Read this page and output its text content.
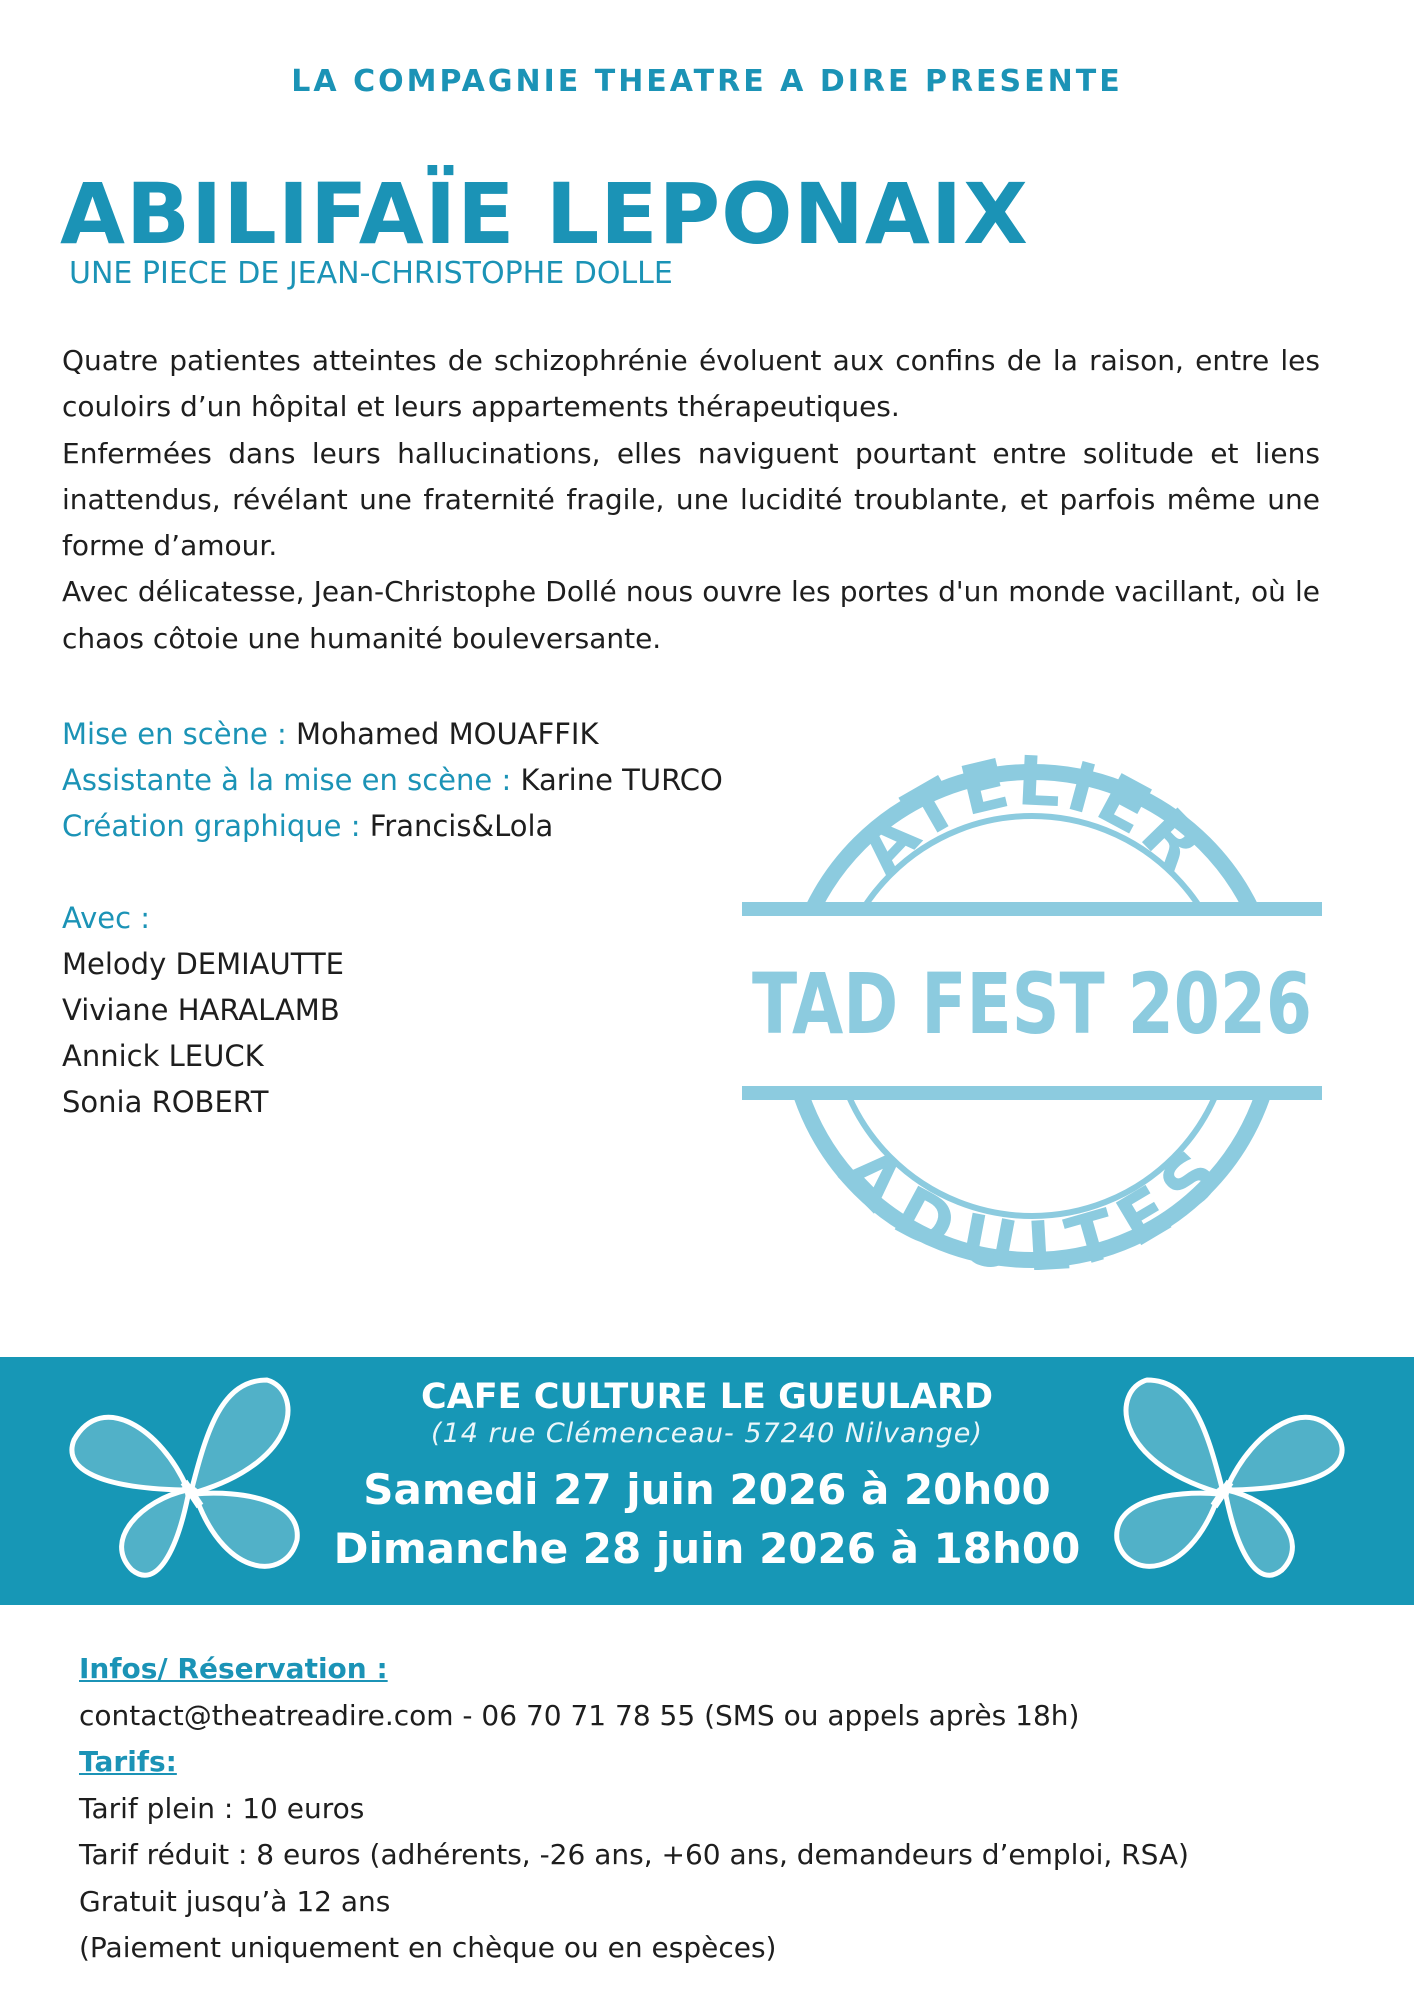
LA COMPAGNIE THEATRE A DIRE PRESENTE
ABILIFAÏE LEPONAIX
UNE PIECE DE JEAN-CHRISTOPHE DOLLE

Quatre patientes atteintes de schizophrénie évoluent aux confins de la raison, entre les couloirs d’un hôpital et leurs appartements thérapeutiques.

Enfermées dans leurs hallucinations, elles naviguent pourtant entre solitude et liens inattendus, révélant une fraternité fragile, une lucidité troublante, et parfois même une forme d’amour.

Avec délicatesse, Jean-Christophe Dollé nous ouvre les portes d'un monde vacillant, où le chaos côtoie une humanité bouleversante.

Mise en scène : Mohamed MOUAFFIK
Assistante à la mise en scène : Karine TURCO
Création graphique : Francis&Lola
Avec :
Melody DEMIAUTTE
Viviane HARALAMB
Annick LEUCK
Sonia ROBERT
ATELIER
TAD FEST 2026
ADULTES
CAFE CULTURE LE GUEULARD
(14 rue Clémenceau- 57240 Nilvange)
Samedi 27 juin 2026 à 20h00
Dimanche 28 juin 2026 à 18h00
Infos/ Réservation :
contact@theatreadire.com - 06 70 71 78 55 (SMS ou appels après 18h)
Tarifs:
Tarif plein : 10 euros
Tarif réduit : 8 euros (adhérents, -26 ans, +60 ans, demandeurs d’emploi, RSA)
Gratuit jusqu’à 12 ans
(Paiement uniquement en chèque ou en espèces)
